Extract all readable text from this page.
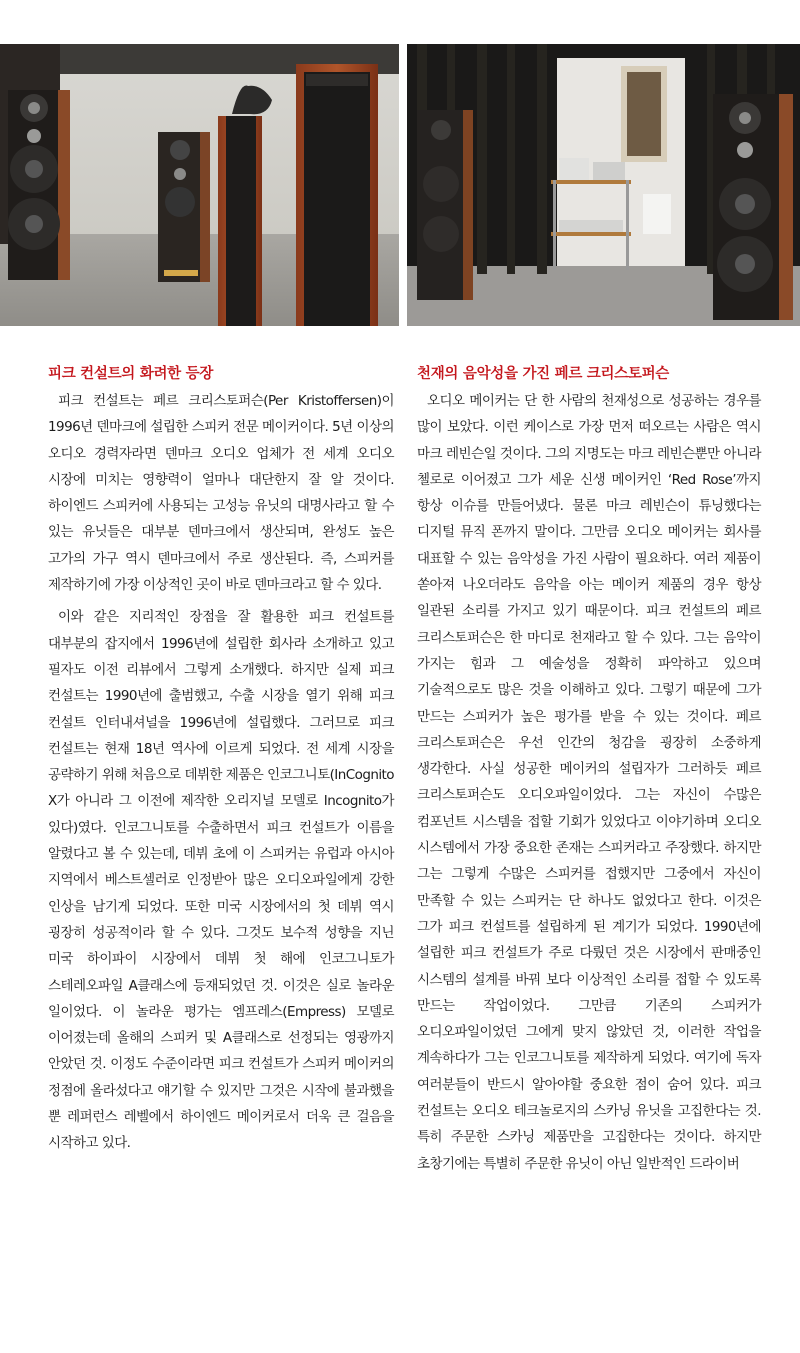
피크 컨설트의 화려한 등장

피크 컨설트는 페르 크리스토퍼슨(Per Kristoffersen)이 1996년 덴마크에 설립한 스피커 전문 메이커이다. 5년 이상의 오디오 경력자라면 덴마크 오디오 업체가 전 세계 오디오 시장에 미치는 영향력이 얼마나 대단한지 잘 알 것이다. 하이엔드 스피커에 사용되는 고성능 유닛의 대명사라고 할 수 있는 유닛들은 대부분 덴마크에서 생산되며, 완성도 높은 고가의 가구 역시 덴마크에서 주로 생산된다. 즉, 스피커를 제작하기에 가장 이상적인 곳이 바로 덴마크라고 할 수 있다.

이와 같은 지리적인 장점을 잘 활용한 피크 컨설트를 대부분의 잡지에서 1996년에 설립한 회사라 소개하고 있고 필자도 이전 리뷰에서 그렇게 소개했다. 하지만 실제 피크 컨설트는 1990년에 출범했고, 수출 시장을 열기 위해 피크 컨설트 인터내셔널을 1996년에 설립했다. 그러므로 피크 컨설트는 현재 18년 역사에 이르게 되었다. 전 세계 시장을 공략하기 위해 처음으로 데뷔한 제품은 인코그니토(InCognito X가 아니라 그 이전에 제작한 오리지널 모델로 Incognito가 있다)였다. 인코그니토를 수출하면서 피크 컨설트가 이름을 알렸다고 볼 수 있는데, 데뷔 초에 이 스피커는 유럽과 아시아 지역에서 베스트셀러로 인정받아 많은 오디오파일에게 강한 인상을 남기게 되었다. 또한 미국 시장에서의 첫 데뷔 역시 굉장히 성공적이라 할 수 있다. 그것도 보수적 성향을 지닌 미국 하이파이 시장에서 데뷔 첫 해에 인코그니토가 스테레오파일 A클래스에 등재되었던 것. 이것은 실로 놀라운 일이었다. 이 놀라운 평가는 엠프레스(Empress) 모델로 이어졌는데 올해의 스피커 및 A클래스로 선정되는 영광까지 안았던 것. 이정도 수준이라면 피크 컨설트가 스피커 메이커의 정점에 올라섰다고 얘기할 수 있지만 그것은 시작에 불과했을 뿐 레퍼런스 레벨에서 하이엔드 메이커로서 더욱 큰 걸음을 시작하고 있다.

천재의 음악성을 가진 페르 크리스토퍼슨

오디오 메이커는 단 한 사람의 천재성으로 성공하는 경우를 많이 보았다. 이런 케이스로 가장 먼저 떠오르는 사람은 역시 마크 레빈슨일 것이다. 그의 지명도는 마크 레빈슨뿐만 아니라 첼로로 이어졌고 그가 세운 신생 메이커인 ‘Red Rose’까지 항상 이슈를 만들어냈다. 물론 마크 레빈슨이 튜닝했다는 디지털 뮤직 폰까지 말이다. 그만큼 오디오 메이커는 회사를 대표할 수 있는 음악성을 가진 사람이 필요하다. 여러 제품이 쏟아져 나오더라도 음악을 아는 메이커 제품의 경우 항상 일관된 소리를 가지고 있기 때문이다. 피크 컨설트의 페르 크리스토퍼슨은 한 마디로 천재라고 할 수 있다. 그는 음악이 가지는 힘과 그 예술성을 정확히 파악하고 있으며 기술적으로도 많은 것을 이해하고 있다. 그렇기 때문에 그가 만드는 스피커가 높은 평가를 받을 수 있는 것이다. 페르 크리스토퍼슨은 우선 인간의 청감을 굉장히 소중하게 생각한다. 사실 성공한 메이커의 설립자가 그러하듯 페르 크리스토퍼슨도 오디오파일이었다. 그는 자신이 수많은 컴포넌트 시스템을 접할 기회가 있었다고 이야기하며 오디오 시스템에서 가장 중요한 존재는 스피커라고 주장했다. 하지만 그는 그렇게 수많은 스피커를 접했지만 그중에서 자신이 만족할 수 있는 스피커는 단 하나도 없었다고 한다. 이것은 그가 피크 컨설트를 설립하게 된 계기가 되었다. 1990년에 설립한 피크 컨설트가 주로 다뤘던 것은 시장에서 판매중인 시스템의 설계를 바꿔 보다 이상적인 소리를 접할 수 있도록 만드는 작업이었다. 그만큼 기존의 스피커가 오디오파일이었던 그에게 맞지 않았던 것, 이러한 작업을 계속하다가 그는 인코그니토를 제작하게 되었다. 여기에 독자 여러분들이 반드시 알아야할 중요한 점이 숨어 있다. 피크 컨설트는 오디오 테크놀로지의 스카닝 유닛을 고집한다는 것. 특히 주문한 스카닝 제품만을 고집한다는 것이다. 하지만 초창기에는 특별히 주문한 유닛이 아닌 일반적인 드라이버
